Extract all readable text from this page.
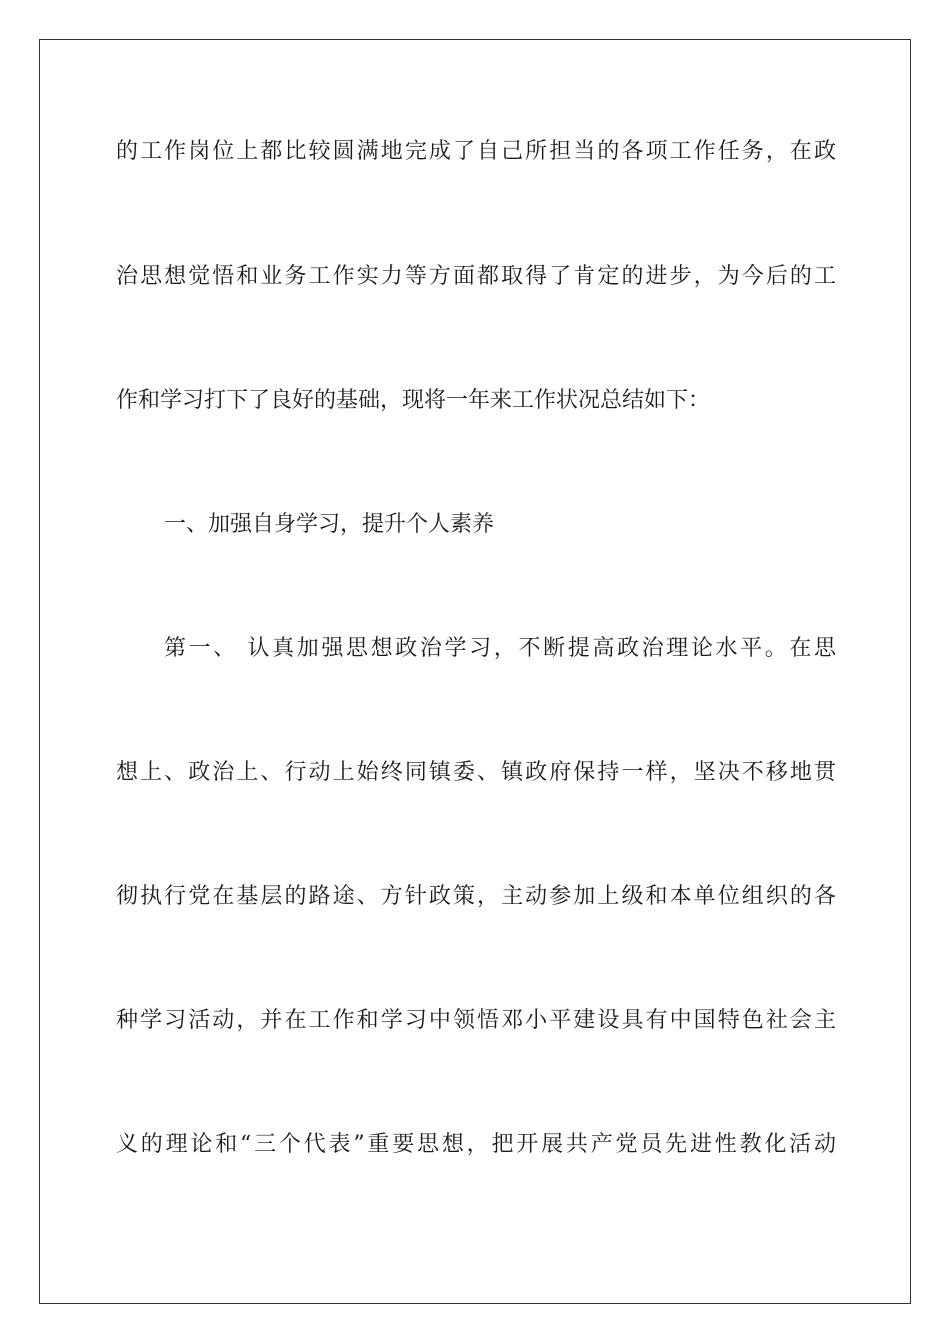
的工作岗位上都比较圆满地完成了自己所担当的各项工作任务，在政
治思想觉悟和业务工作实力等方面都取得了肯定的进步，为今后的工
作和学习打下了良好的基础，现将一年来工作状况总结如下：
一、加强自身学习，提升个人素养
第一、 认真加强思想政治学习，不断提高政治理论水平。在思
想上、政治上、行动上始终同镇委、镇政府保持一样，坚决不移地贯
彻执行党在基层的路途、方针政策，主动参加上级和本单位组织的各
种学习活动，并在工作和学习中领悟邓小平建设具有中国特色社会主
义的理论和“三个代表”重要思想，把开展共产党员先进性教化活动
